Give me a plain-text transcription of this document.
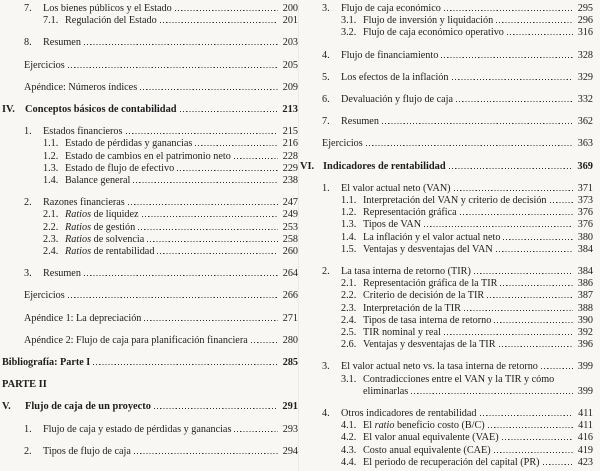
7.	Los bienes públicos y el Estado	200
7.1. Regulación del Estado	201
8.	Resumen	203
Ejercicios	205
Apéndice: Números índices	209
IV. Conceptos básicos de contabilidad	213
1.	Estados financieros	215
1.1. Estado de pérdidas y ganancias	216
1.2. Estado de cambios en el patrimonio neto	228
1.3. Estado de flujo de efectivo	229
1.4. Balance general	238
2.	Razones financieras	247
2.1. Ratios de liquidez	249
2.2. Ratios de gestión	253
2.3. Ratios de solvencia	258
2.4. Ratios de rentabilidad	260
3.	Resumen	264
Ejercicios	266
Apéndice 1: La depreciación	271
Apéndice 2: Flujo de caja para planificación financiera	280
Bibliografía: Parte I	285
PARTE II
V.	Flujo de caja de un proyecto	291
1.	Flujo de caja y estado de pérdidas y ganancias	293
2.	Tipos de flujo de caja	294
3.	Flujo de caja económico	295
3.1. Flujo de inversión y liquidación	296
3.2. Flujo de caja económico operativo	316
4.	Flujo de financiamiento	328
5.	Los efectos de la inflación	329
6.	Devaluación y flujo de caja	332
7.	Resumen	362
Ejercicios	363
VI. Indicadores de rentabilidad	369
1.	El valor actual neto (VAN)	371
1.1. Interpretación del VAN y criterio de decisión	373
1.2. Representación gráfica	376
1.3. Tipos de VAN	376
1.4. La inflación y el valor actual neto	380
1.5. Ventajas y desventajas del VAN	384
2.	La tasa interna de retorno (TIR)	384
2.1. Representación gráfica de la TIR	386
2.2. Criterio de decisión de la TIR	387
2.3. Interpretación de la TIR	388
2.4. Tipos de tasa interna de retorno	390
2.5. TIR nominal y real	392
2.6. Ventajas y desventajas de la TIR	396
3.	El valor actual neto vs. la tasa interna de retorno	399
3.1. Contradicciones entre el VAN y la TIR y cómo
eliminarlas	399
4.	Otros indicadores de rentabilidad	411
4.1. El ratio beneficio costo (B/C)	411
4.2. El valor anual equivalente (VAE)	416
4.3. Costo anual equivalente (CAE)	419
4.4. El periodo de recuperación del capital (PR)	423
